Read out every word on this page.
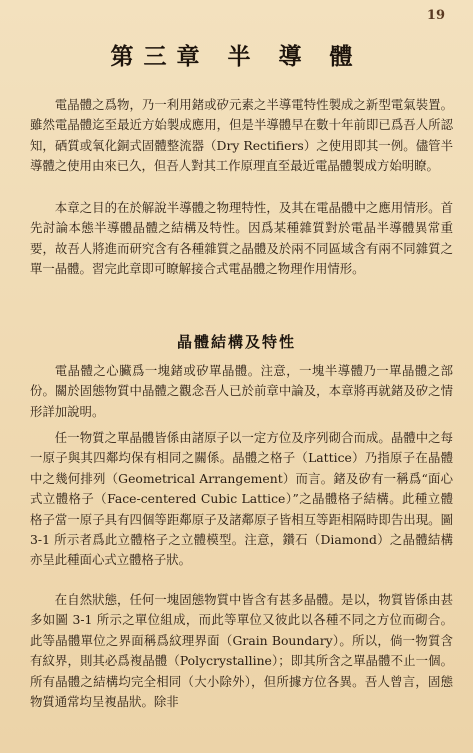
19
第三章 半 導 體
電晶體之爲物，乃一利用鍺或矽元素之半導電特性製成之新型電氣裝置。雖然電晶體迄至最近方始製成應用，但是半導體早在數十年前即已爲吾人所認知，硒質或氧化銅式固體整流器（Dry Rectifiers）之使用即其一例。儘管半導體之使用由來已久，但吾人對其工作原理直至最近電晶體製成方始明瞭。
本章之目的在於解說半導體之物理特性，及其在電晶體中之應用情形。首先討論本態半導體晶體之結構及特性。因爲某種雜質對於電晶半導體異常重要，故吾人將進而研究含有各種雜質之晶體及於兩不同區域含有兩不同雜質之單一晶體。習完此章即可瞭解接合式電晶體之物理作用情形。
晶體結構及特性
電晶體之心臟爲一塊鍺或矽單晶體。注意，一塊半導體乃一單晶體之部份。關於固態物質中晶體之觀念吾人已於前章中論及，本章將再就鍺及矽之情形詳加說明。
任一物質之單晶體皆係由諸原子以一定方位及序列砌合而成。晶體中之每一原子與其四鄰均保有相同之關係。晶體之格子（Lattice）乃指原子在晶體中之幾何排列（Geometrical Arrangement）而言。鍺及矽有一稱爲“面心式立體格子（Face-centered Cubic Lattice）”之晶體格子結構。此種立體格子當一原子具有四個等距鄰原子及諸鄰原子皆相互等距相隔時即告出現。圖 3-1 所示者爲此立體格子之立體模型。注意，鑽石（Diamond）之晶體結構亦呈此種面心式立體格子狀。
在自然狀態，任何一塊固態物質中皆含有甚多晶體。是以，物質皆係由甚多如圖 3-1 所示之單位組成，而此等單位又彼此以各種不同之方位而砌合。此等晶體單位之界面稱爲紋理界面（Grain Boundary）。所以，倘一物質含有紋界，則其必爲複晶體（Polycrystalline）；即其所含之單晶體不止一個。所有晶體之結構均完全相同（大小除外），但所據方位各異。吾人曾言，固態物質通常均呈複晶狀。除非
